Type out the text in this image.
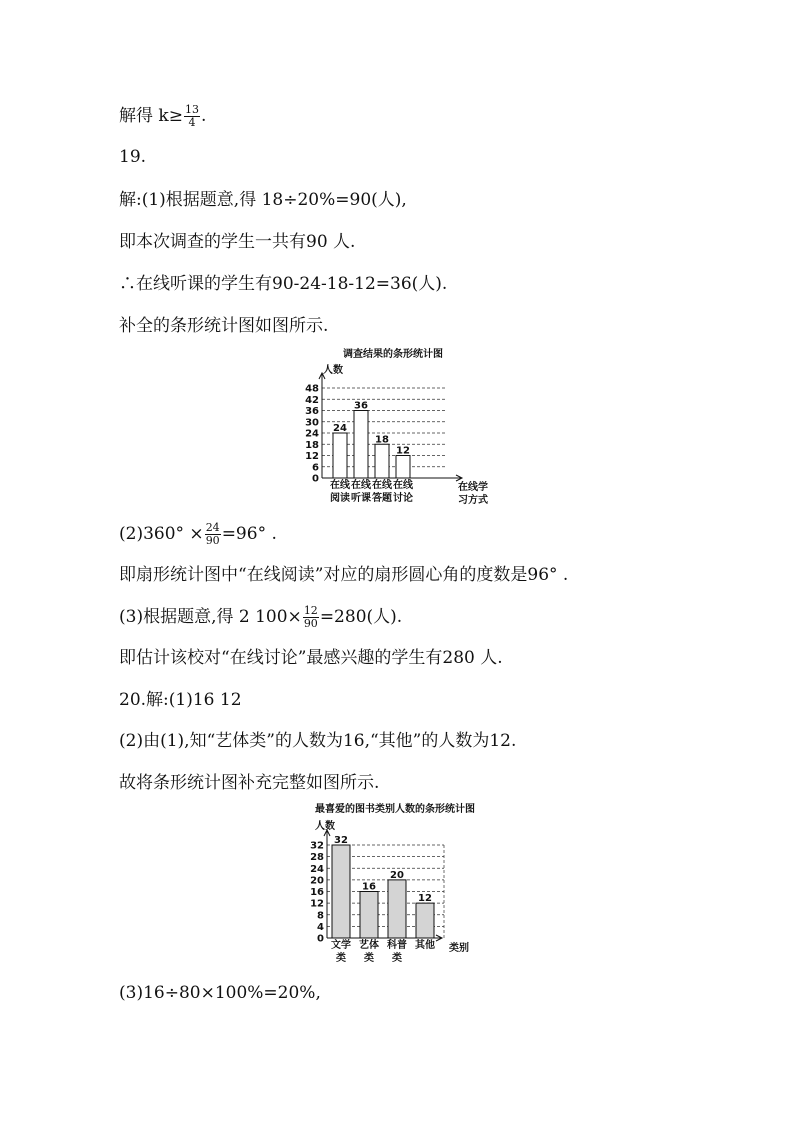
解得 $k\ge \frac{13}{4}$ .
19.
解:(1)根据题意,得 18÷20%=90(人),
即本次调查的学生一共有90 人.
∴在线听课的学生有90-24-18-12=36(人).
补全的条形统计图如图所示.
调查结果的条形统计图
人数
0
6
12
18
24
30
36
42
48
24
在线
阅读
36
在线
听课
18
在线
答题
12
在线
讨论
在线学
习方式
$(2)360^\circ \times \frac{24}{90} =96^\circ$ .
即扇形统计图中“在线阅读”对应的扇形圆心角的度数是96° .
(3)根据题意,得 2 $100\times \frac{12}{90} =280$(人).
即估计该校对“在线讨论”最感兴趣的学生有280 人.
20.解:(1)16 12
(2)由(1),知“艺体类”的人数为16,“其他”的人数为12.
故将条形统计图补充完整如图所示.
最喜爱的图书类别人数的条形统计图
人数
0
4
8
12
16
20
24
28
32 32
文学
类
16
艺体
类
20
科普
类
12
其他 类别
(3)16÷80×100%=20%,
